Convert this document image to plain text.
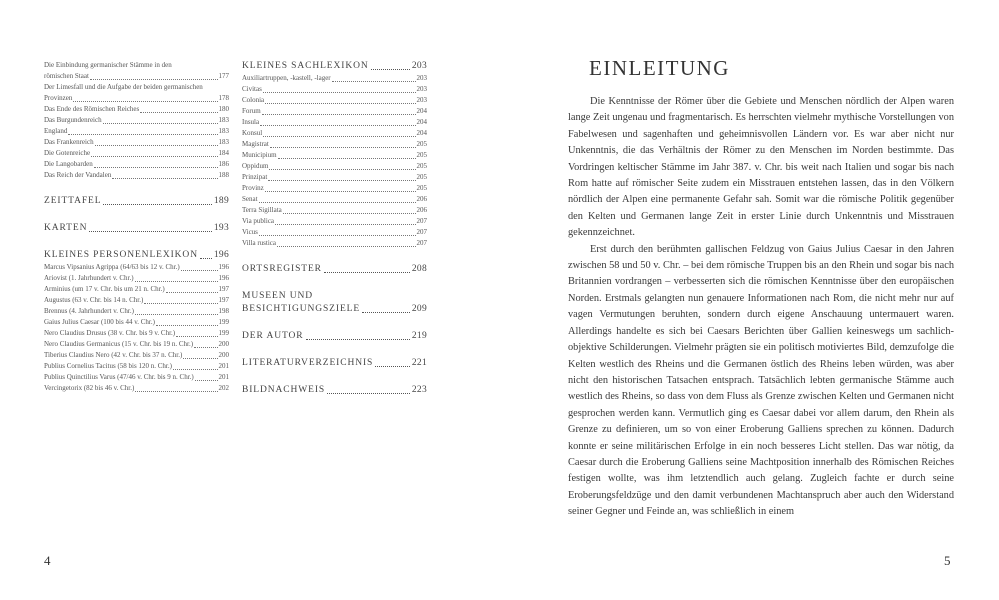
Die Einbindung germanischer Stämme in den
römischen Staat	177
Der Limesfall und die Aufgabe der beiden germanischen
Provinzen	178
Das Ende des Römischen Reiches	180
Das Burgundenreich	183
England	183
Das Frankenreich	183
Die Gotenreiche	184
Die Langobarden	186
Das Reich der Vandalen	188
ZEITTAFEL	189
KARTEN	193
KLEINES PERSONENLEXIKON 196
Marcus Vipsanius Agrippa (64/63 bis 12 v. Chr.)	196
Ariovist (1. Jahrhundert v. Chr.)	196
Arminius (um 17 v. Chr. bis um 21 n. Chr.)	197
Augustus (63 v. Chr. bis 14 n. Chr.)	197
Brennus (4. Jahrhundert v. Chr.)	198
Gaius Julius Caesar (100 bis 44 v. Chr.)	199
Nero Claudius Drusus (38 v. Chr. bis 9 v. Chr.)	199
Nero Claudius Germanicus (15 v. Chr. bis 19 n. Chr.)	200
Tiberius Claudius Nero (42 v. Chr. bis 37 n. Chr.)	200
Publius Cornelius Tacitus (58 bis 120 n. Chr.)	201
Publius Quinctilius Varus (47/46 v. Chr. bis 9 n. Chr.)	201
Vercingetorix (82 bis 46 v. Chr.)	202
KLEINES SACHLEXIKON	203
Auxiliartruppen, -kastell, -lager	203
Civitas	203
Colonia	203
Forum	204
Insula	204
Konsul	204
Magistrat	205
Municipium	205
Oppidum	205
Prinzipat	205
Provinz	205
Senat	206
Terra Sigillata	206
Via publica	207
Vicus	207
Villa rustica	207
ORTSREGISTER	208
MUSEEN UND
BESICHTIGUNGSZIELE	209
DER AUTOR	219
LITERATURVERZEICHNIS	221
BILDNACHWEIS	223
4
EINLEITUNG

Die Kenntnisse der Römer über die Gebiete und Menschen nördlich der Alpen waren lange Zeit ungenau und fragmentarisch. Es herrschten vielmehr mythische Vorstellungen von Fabelwesen und sagenhaften und geheimnisvollen Ländern vor. Es war aber nicht nur Unkenntnis, die das Verhältnis der Römer zu den Menschen im Norden bestimmte. Das Vordringen keltischer Stämme im Jahr 387. v. Chr. bis weit nach Italien und sogar bis nach Rom hatte auf römischer Seite zudem ein Misstrauen entstehen lassen, das in den Völkern nördlich der Alpen eine permanente Gefahr sah. Somit war die römische Politik gegenüber den Kelten und Germanen lange Zeit in erster Linie durch Unkenntnis und Misstrauen gekennzeichnet.

Erst durch den berühmten gallischen Feldzug von Gaius Julius Caesar in den Jahren zwischen 58 und 50 v. Chr. – bei dem römische Truppen bis an den Rhein und sogar bis nach Britannien vordrangen – verbesserten sich die römischen Kenntnisse über den europäischen Norden. Erstmals gelangten nun genauere Informationen nach Rom, die nicht mehr nur auf vagen Vermutungen beruhten, sondern durch eigene Anschauung untermauert waren. Allerdings handelte es sich bei Caesars Berichten über Gallien keineswegs um sachlich-objektive Schilderungen. Vielmehr prägten sie ein politisch motiviertes Bild, demzufolge die Kelten westlich des Rheins und die Germanen östlich des Rheins leben würden, was aber nicht den historischen Tatsachen entsprach. Tatsächlich lebten germanische Stämme auch westlich des Rheins, so dass von dem Fluss als Grenze zwischen Kelten und Germanen nicht gesprochen werden kann. Vermutlich ging es Caesar dabei vor allem darum, den Rhein als Grenze zu definieren, um so von einer Eroberung Galliens sprechen zu können. Dadurch konnte er seine militärischen Erfolge in ein noch besseres Licht stellen. Das war nötig, da Caesar durch die Eroberung Galliens seine Machtposition innerhalb des Römischen Reiches festigen wollte, was ihm letztendlich auch gelang. Zugleich fachte er durch seine Eroberungsfeldzüge und den damit verbundenen Machtanspruch aber auch den Widerstand seiner Gegner und Feinde an, was schließlich in einem

5
